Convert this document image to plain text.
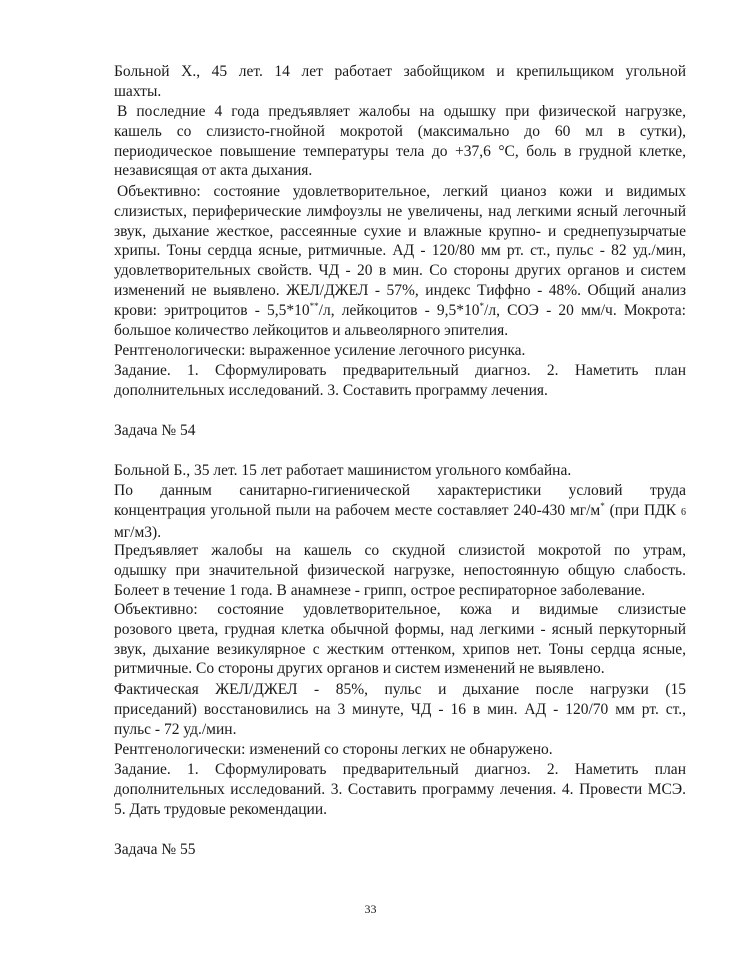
Больной Х., 45 лет. 14 лет работает забойщиком и крепильщиком угольной
шахты.
В последние 4 года предъявляет жалобы на одышку при физической нагрузке,
кашель со слизисто-гнойной мокротой (максимально до 60 мл в сутки),
периодическое повышение температуры тела до +37,6 °С, боль в грудной клетке,
независящая от акта дыхания.
Объективно: состояние удовлетворительное, легкий цианоз кожи и видимых
слизистых, периферические лимфоузлы не увеличены, над легкими ясный легочный
звук, дыхание жесткое, рассеянные сухие и влажные крупно- и среднепузырчатые
хрипы. Тоны сердца ясные, ритмичные. АД - 120/80 мм рт. ст., пульс - 82 уд./мин,
удовлетворительных свойств. ЧД - 20 в мин. Со стороны других органов и систем
изменений не выявлено. ЖЕЛ/ДЖЕЛ - 57%, индекс Тиффно - 48%. Общий анализ
крови: эритроцитов - 5,5*10**/л, лейкоцитов - 9,5*10*/л, СОЭ - 20 мм/ч. Мокрота:
большое количество лейкоцитов и альвеолярного эпителия.
Рентгенологически: выраженное усиление легочного рисунка.
Задание. 1. Сформулировать предварительный диагноз. 2. Наметить план
дополнительных исследований. 3. Составить программу лечения.
Задача № 54
Больной Б., 35 лет. 15 лет работает машинистом угольного комбайна.
По данным санитарно-гигиенической характеристики условий труда
концентрация угольной пыли на рабочем месте составляет 240-430 мг/м* (при ПДК 6
мг/м3).
Предъявляет жалобы на кашель со скудной слизистой мокротой по утрам,
одышку при значительной физической нагрузке, непостоянную общую слабость.
Болеет в течение 1 года. В анамнезе - грипп, острое респираторное заболевание.
Объективно: состояние удовлетворительное, кожа и видимые слизистые
розового цвета, грудная клетка обычной формы, над легкими - ясный перкуторный
звук, дыхание везикулярное с жестким оттенком, хрипов нет. Тоны сердца ясные,
ритмичные. Со стороны других органов и систем изменений не выявлено.
Фактическая ЖЕЛ/ДЖЕЛ - 85%, пульс и дыхание после нагрузки (15
приседаний) восстановились на 3 минуте, ЧД - 16 в мин. АД - 120/70 мм рт. ст.,
пульс - 72 уд./мин.
Рентгенологически: изменений со стороны легких не обнаружено.
Задание. 1. Сформулировать предварительный диагноз. 2. Наметить план
дополнительных исследований. 3. Составить программу лечения. 4. Провести МСЭ.
5. Дать трудовые рекомендации.
Задача № 55
33
